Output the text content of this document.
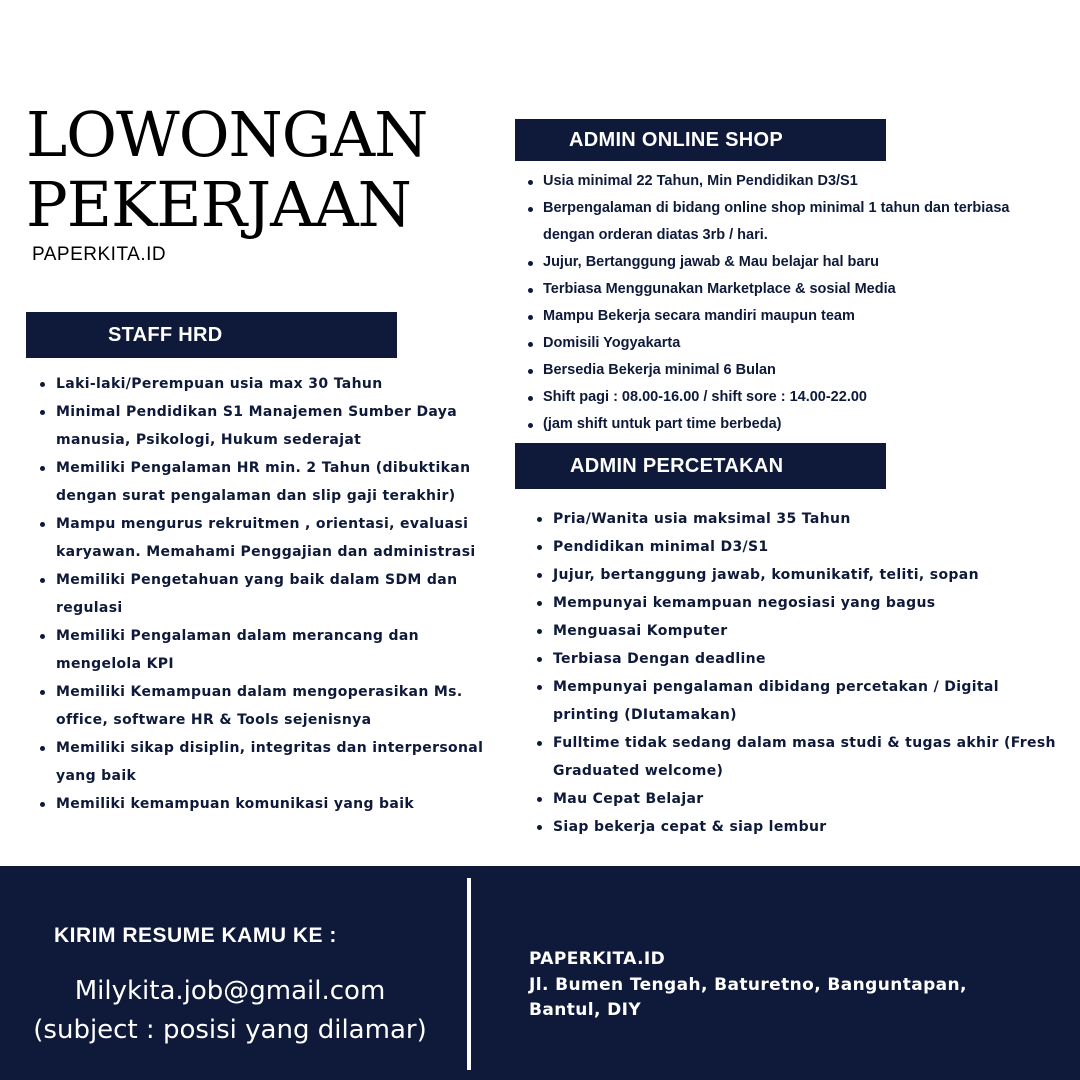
LOWONGAN
PEKERJAAN
PAPERKITA.ID
STAFF HRD
Laki-laki/Perempuan usia max 30 Tahun
Minimal Pendidikan S1 Manajemen Sumber Daya manusia, Psikologi, Hukum sederajat
Memiliki Pengalaman HR min. 2 Tahun (dibuktikan dengan surat pengalaman dan slip gaji terakhir)
Mampu mengurus rekruitmen , orientasi, evaluasi karyawan. Memahami Penggajian dan administrasi
Memiliki Pengetahuan yang baik dalam SDM dan regulasi
Memiliki Pengalaman dalam merancang dan mengelola KPI
Memiliki Kemampuan dalam mengoperasikan Ms. office, software HR & Tools sejenisnya
Memiliki sikap disiplin, integritas dan interpersonal yang baik
Memiliki kemampuan komunikasi yang baik
ADMIN ONLINE SHOP
Usia minimal 22 Tahun, Min Pendidikan D3/S1
Berpengalaman di bidang online shop minimal 1 tahun dan terbiasa dengan orderan diatas 3rb / hari.
Jujur, Bertanggung jawab & Mau belajar hal baru
Terbiasa Menggunakan Marketplace & sosial Media
Mampu Bekerja secara mandiri maupun team
Domisili Yogyakarta
Bersedia Bekerja minimal 6 Bulan
Shift pagi : 08.00-16.00 / shift sore : 14.00-22.00
(jam shift untuk part time berbeda)
ADMIN PERCETAKAN
Pria/Wanita usia maksimal 35 Tahun
Pendidikan minimal D3/S1
Jujur, bertanggung jawab, komunikatif, teliti, sopan
Mempunyai kemampuan negosiasi yang bagus
Menguasai Komputer
Terbiasa Dengan deadline
Mempunyai pengalaman dibidang percetakan / Digital printing (DIutamakan)
Fulltime tidak sedang dalam masa studi & tugas akhir (Fresh Graduated welcome)
Mau Cepat Belajar
Siap bekerja cepat & siap lembur
KIRIM RESUME KAMU KE :
Milykita.job@gmail.com
(subject : posisi yang dilamar)
PAPERKITA.ID
Jl. Bumen Tengah, Baturetno, Banguntapan,
Bantul, DIY
